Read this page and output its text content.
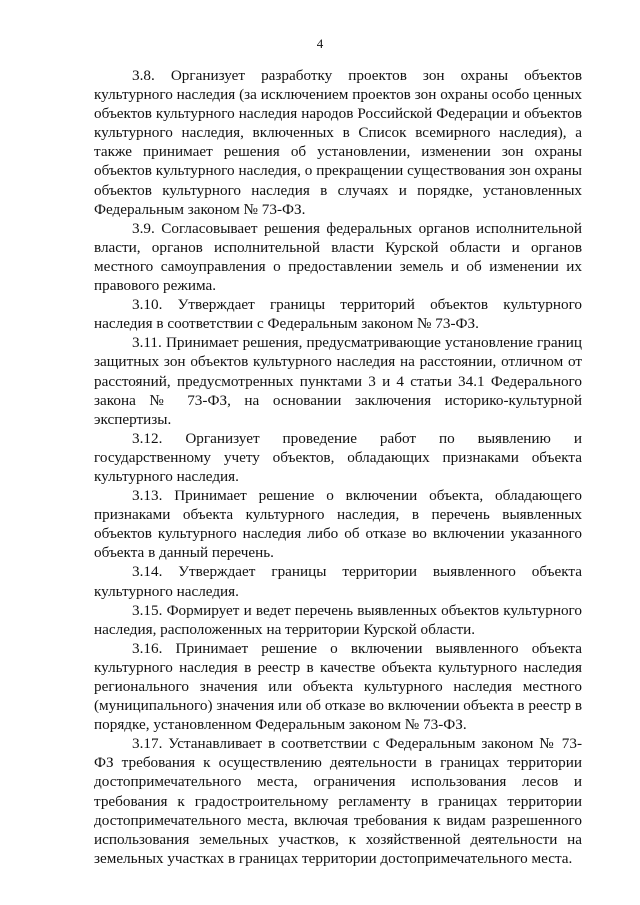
4

3.8. Организует разработку проектов зон охраны объектов культурного наследия (за исключением проектов зон охраны особо ценных объектов культурного наследия народов Российской Федерации и объектов культурного наследия, включенных в Список всемирного наследия), а также принимает решения об установлении, изменении зон охраны объектов культурного наследия, о прекращении существования зон охраны объектов культурного наследия в случаях и порядке, установленных Федеральным законом № 73-ФЗ.

3.9. Согласовывает решения федеральных органов исполнительной власти, органов исполнительной власти Курской области и органов местного самоуправления о предоставлении земель и об изменении их правового режима.

3.10. Утверждает границы территорий объектов культурного наследия в соответствии с Федеральным законом № 73-ФЗ.

3.11. Принимает решения, предусматривающие установление границ защитных зон объектов культурного наследия на расстоянии, отличном от расстояний, предусмотренных пунктами 3 и 4 статьи 34.1 Федерального закона № 73-ФЗ, на основании заключения историко-культурной экспертизы.

3.12. Организует проведение работ по выявлению и государственному учету объектов, обладающих признаками объекта культурного наследия.

3.13. Принимает решение о включении объекта, обладающего признаками объекта культурного наследия, в перечень выявленных объектов культурного наследия либо об отказе во включении указанного объекта в данный перечень.

3.14. Утверждает границы территории выявленного объекта культурного наследия.

3.15. Формирует и ведет перечень выявленных объектов культурного наследия, расположенных на территории Курской области.

3.16. Принимает решение о включении выявленного объекта культурного наследия в реестр в качестве объекта культурного наследия регионального значения или объекта культурного наследия местного (муниципального) значения или об отказе во включении объекта в реестр в порядке, установленном Федеральным законом № 73-ФЗ.

3.17. Устанавливает в соответствии с Федеральным законом № 73-ФЗ требования к осуществлению деятельности в границах территории достопримечательного места, ограничения использования лесов и требования к градостроительному регламенту в границах территории достопримечательного места, включая требования к видам разрешенного использования земельных участков, к хозяйственной деятельности на земельных участках в границах территории достопримечательного места.
